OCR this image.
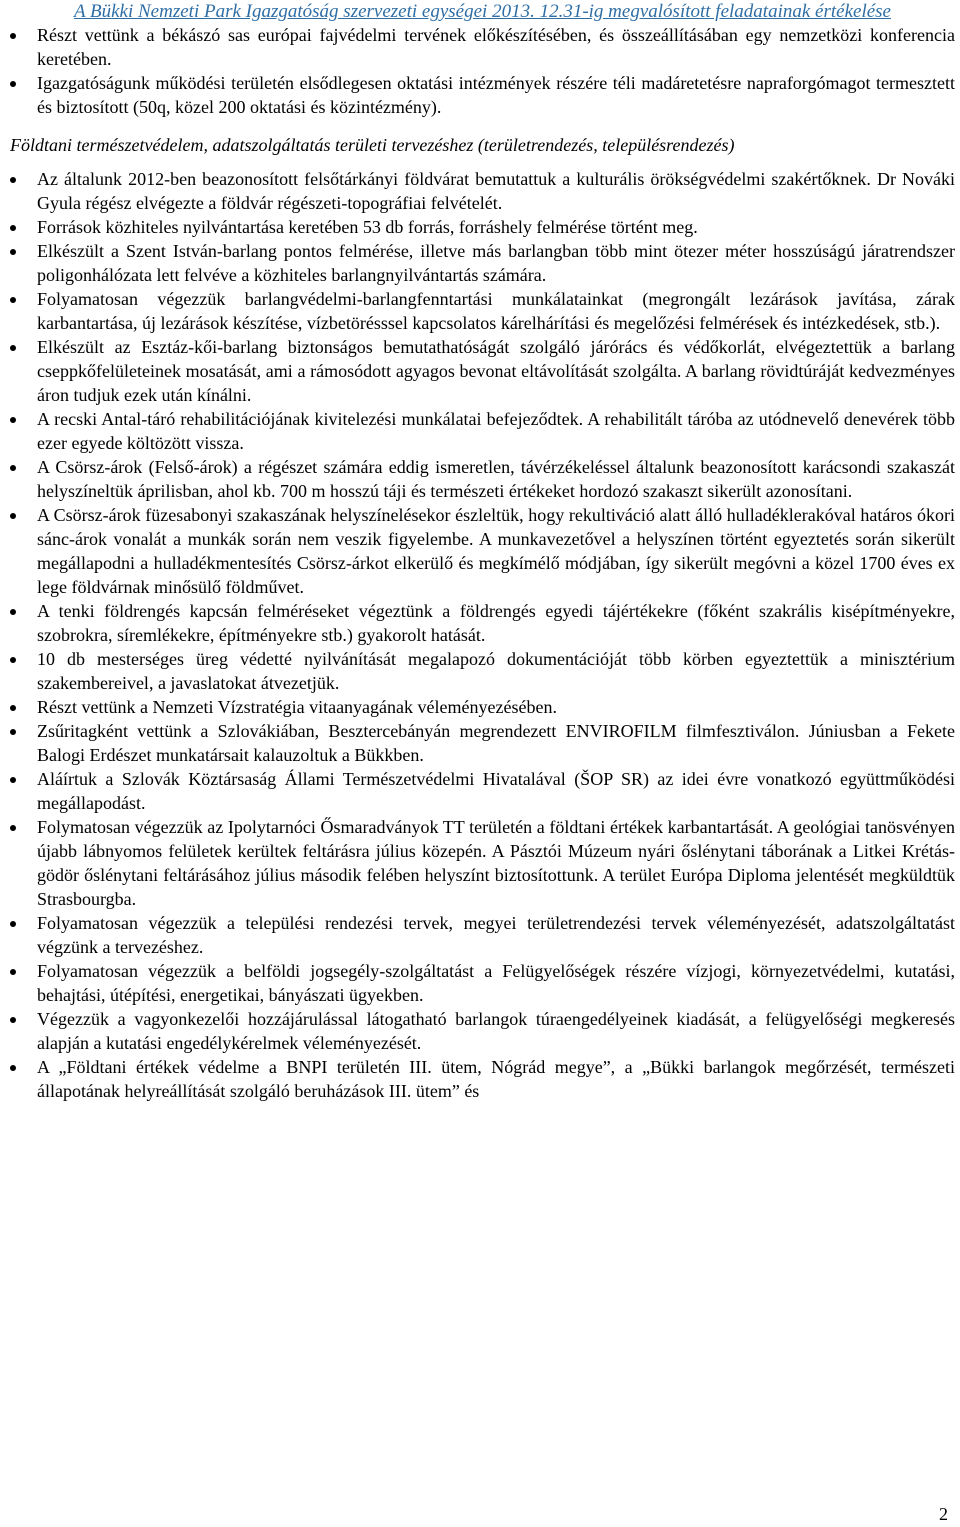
A Bükki Nemzeti Park Igazgatóság szervezeti egységei 2013. 12.31-ig megvalósított feladatainak értékelése
Részt vettünk a békászó sas európai fajvédelmi tervének előkészítésében, és összeállításában egy nemzetközi konferencia keretében.
Igazgatóságunk működési területén elsődlegesen oktatási intézmények részére téli madáretetésre napraforgómagot termesztett és biztosított (50q, közel 200 oktatási és közintézmény).
Földtani természetvédelem, adatszolgáltatás területi tervezéshez (területrendezés, településrendezés)
Az általunk 2012-ben beazonosított felsőtárkányi földvárat bemutattuk a kulturális örökségvédelmi szakértőknek. Dr Nováki Gyula régész elvégezte a földvár régészeti-topográfiai felvételét.
Források közhiteles nyilvántartása keretében 53 db forrás, forráshely felmérése történt meg.
Elkészült a Szent István-barlang pontos felmérése, illetve más barlangban több mint ötezer méter hosszúságú járatrendszer poligonhálózata lett felvéve a közhiteles barlangnyilvántartás számára.
Folyamatosan végezzük barlangvédelmi-barlangfenntartási munkálatainkat (megrongált lezárások javítása, zárak karbantartása, új lezárások készítése, vízbetörésssel kapcsolatos kárelhárítási és megelőzési felmérések és intézkedések, stb.).
Elkészült az Esztáz-kői-barlang biztonságos bemutathatóságát szolgáló járórács és védőkorlát, elvégeztettük a barlang cseppkőfelületeinek mosatását, ami a rámosódott agyagos bevonat eltávolítását szolgálta. A barlang rövidtúráját kedvezményes áron tudjuk ezek után kínálni.
A recski Antal-táró rehabilitációjának kivitelezési munkálatai befejeződtek. A rehabilitált táróba az utódnevelő denevérek több ezer egyede költözött vissza.
A Csörsz-árok (Felső-árok) a régészet számára eddig ismeretlen, távérzékeléssel általunk beazonosított karácsondi szakaszát helyszíneltük áprilisban, ahol kb. 700 m hosszú táji és természeti értékeket hordozó szakaszt sikerült azonosítani.
A Csörsz-árok füzesabonyi szakaszának helyszínelésekor észleltük, hogy rekultiváció alatt álló hulladéklerakóval határos ókori sánc-árok vonalát a munkák során nem veszik figyelembe. A munkavezetővel a helyszínen történt egyeztetés során sikerült megállapodni a hulladékmentesítés Csörsz-árkot elkerülő és megkímélő módjában, így sikerült megóvni a közel 1700 éves ex lege földvárnak minősülő földművet.
A tenki földrengés kapcsán felméréseket végeztünk a földrengés egyedi tájértékekre (főként szakrális kisépítményekre, szobrokra, síremlékekre, építményekre stb.) gyakorolt hatását.
10 db mesterséges üreg védetté nyilvánítását megalapozó dokumentációját több körben egyeztettük a minisztérium szakembereivel, a javaslatokat átvezetjük.
Részt vettünk a Nemzeti Vízstratégia vitaanyagának véleményezésében.
Zsűritagként vettünk a Szlovákiában, Besztercebányán megrendezett ENVIROFILM filmfesztiválon. Júniusban a Fekete Balogi Erdészet munkatársait kalauzoltuk a Bükkben.
Aláírtuk a Szlovák Köztársaság Állami Természetvédelmi Hivatalával (ŠOP SR) az idei évre vonatkozó együttműködési megállapodást.
Folymatosan végezzük az Ipolytarnóci Ősmaradványok TT területén a földtani értékek karbantartását. A geológiai tanösvényen újabb lábnyomos felületek kerültek feltárásra július közepén. A Pásztói Múzeum nyári őslénytani táborának a Litkei Krétás-gödör őslénytani feltárásához július második felében helyszínt biztosítottunk. A terület Európa Diploma jelentését megküldtük Strasbourgba.
Folyamatosan végezzük a települési rendezési tervek, megyei területrendezési tervek véleményezését, adatszolgáltatást végzünk a tervezéshez.
Folyamatosan végezzük a belföldi jogsegély-szolgáltatást a Felügyelőségek részére vízjogi, környezetvédelmi, kutatási, behajtási, útépítési, energetikai, bányászati ügyekben.
Végezzük a vagyonkezelői hozzájárulással látogatható barlangok túraengedélyeinek kiadását, a felügyelőségi megkeresés alapján a kutatási engedélykérelmek véleményezését.
A „Földtani értékek védelme a BNPI területén III. ütem, Nógrád megye”, a „Bükki barlangok megőrzését, természeti állapotának helyreállítását szolgáló beruházások III. ütem” és
2
